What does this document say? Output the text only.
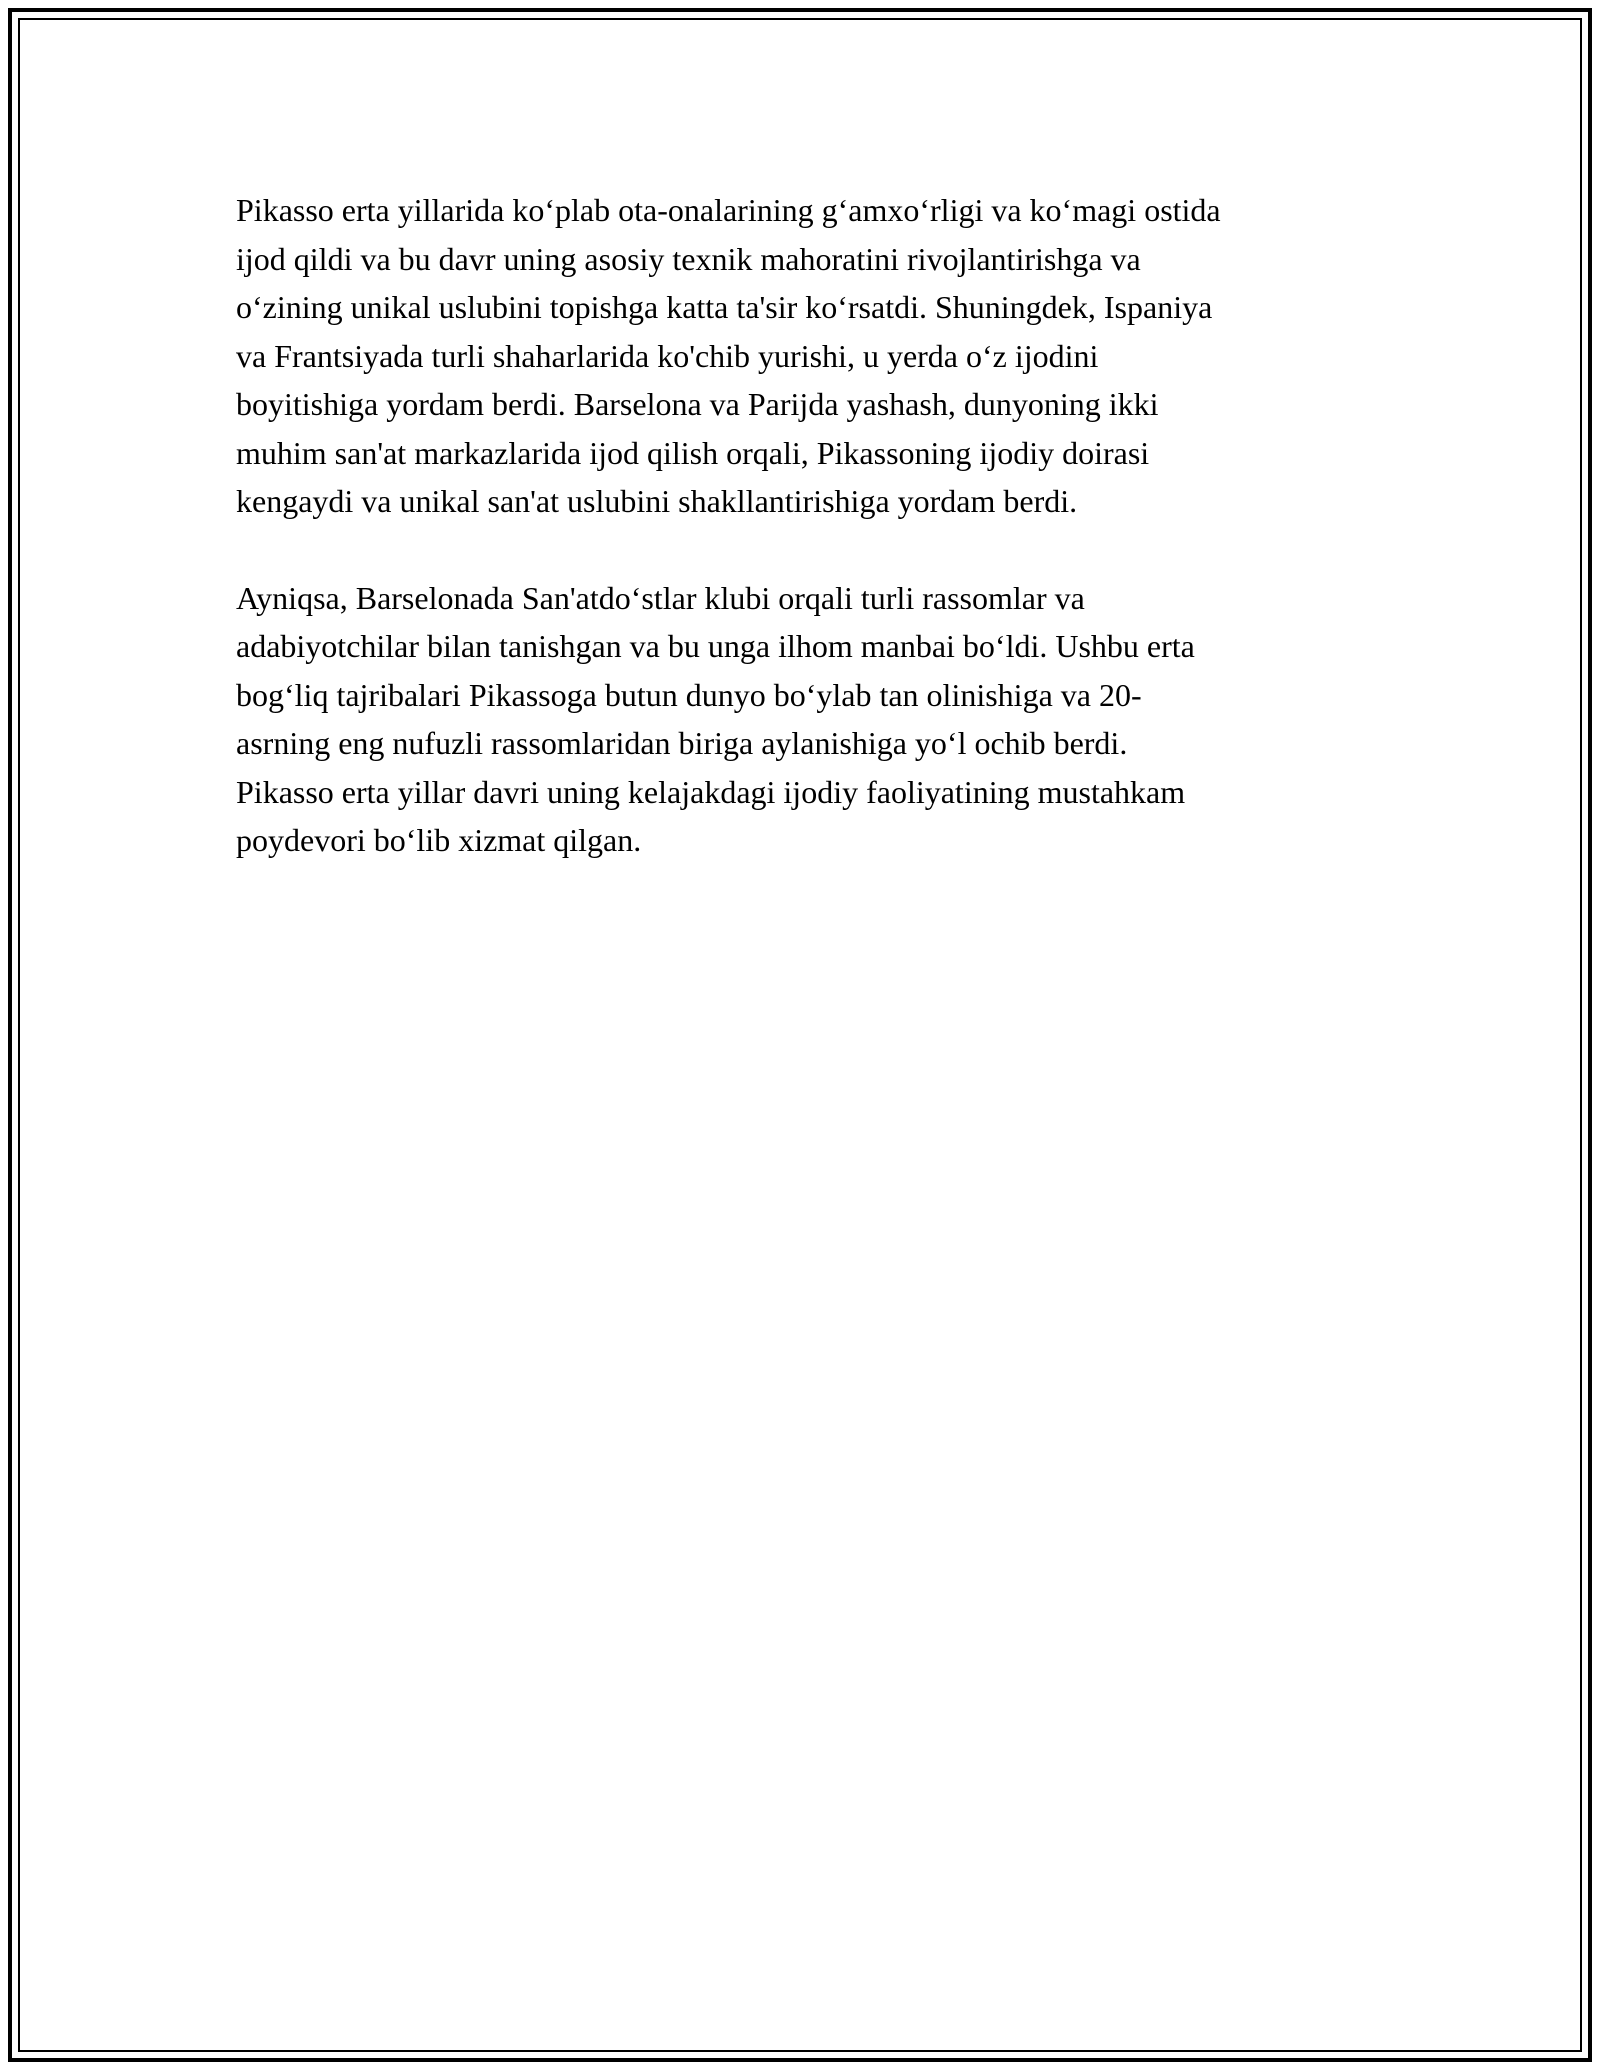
Pikasso erta yillarida ko‘plab ota-onalarining g‘amxo‘rligi va ko‘magi ostida
ijod qildi va bu davr uning asosiy texnik mahoratini rivojlantirishga va
o‘zining unikal uslubini topishga katta ta'sir ko‘rsatdi. Shuningdek, Ispaniya
va Frantsiyada turli shaharlarida ko'chib yurishi, u yerda o‘z ijodini
boyitishiga yordam berdi. Barselona va Parijda yashash, dunyoning ikki
muhim san'at markazlarida ijod qilish orqali, Pikassoning ijodiy doirasi
kengaydi va unikal san'at uslubini shakllantirishiga yordam berdi.

Ayniqsa, Barselonada San'atdo‘stlar klubi orqali turli rassomlar va
adabiyotchilar bilan tanishgan va bu unga ilhom manbai bo‘ldi. Ushbu erta
bog‘liq tajribalari Pikassoga butun dunyo bo‘ylab tan olinishiga va 20-
asrning eng nufuzli rassomlaridan biriga aylanishiga yo‘l ochib berdi.
Pikasso erta yillar davri uning kelajakdagi ijodiy faoliyatining mustahkam
poydevori bo‘lib xizmat qilgan.
